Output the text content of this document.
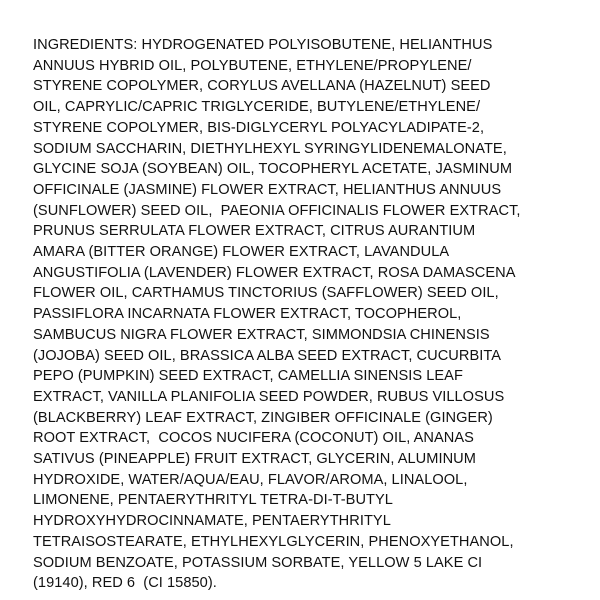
INGREDIENTS: HYDROGENATED POLYISOBUTENE, HELIANTHUS
ANNUUS HYBRID OIL, POLYBUTENE, ETHYLENE/PROPYLENE/
STYRENE COPOLYMER, CORYLUS AVELLANA (HAZELNUT) SEED
OIL, CAPRYLIC/CAPRIC TRIGLYCERIDE, BUTYLENE/ETHYLENE/
STYRENE COPOLYMER, BIS-DIGLYCERYL POLYACYLADIPATE-2,
SODIUM SACCHARIN, DIETHYLHEXYL SYRINGYLIDENEMALONATE,
GLYCINE SOJA (SOYBEAN) OIL, TOCOPHERYL ACETATE, JASMINUM
OFFICINALE (JASMINE) FLOWER EXTRACT, HELIANTHUS ANNUUS
(SUNFLOWER) SEED OIL,  PAEONIA OFFICINALIS FLOWER EXTRACT,
PRUNUS SERRULATA FLOWER EXTRACT, CITRUS AURANTIUM
AMARA (BITTER ORANGE) FLOWER EXTRACT, LAVANDULA
ANGUSTIFOLIA (LAVENDER) FLOWER EXTRACT, ROSA DAMASCENA
FLOWER OIL, CARTHAMUS TINCTORIUS (SAFFLOWER) SEED OIL,
PASSIFLORA INCARNATA FLOWER EXTRACT, TOCOPHEROL,
SAMBUCUS NIGRA FLOWER EXTRACT, SIMMONDSIA CHINENSIS
(JOJOBA) SEED OIL, BRASSICA ALBA SEED EXTRACT, CUCURBITA
PEPO (PUMPKIN) SEED EXTRACT, CAMELLIA SINENSIS LEAF
EXTRACT, VANILLA PLANIFOLIA SEED POWDER, RUBUS VILLOSUS
(BLACKBERRY) LEAF EXTRACT, ZINGIBER OFFICINALE (GINGER)
ROOT EXTRACT,  COCOS NUCIFERA (COCONUT) OIL, ANANAS
SATIVUS (PINEAPPLE) FRUIT EXTRACT, GLYCERIN, ALUMINUM
HYDROXIDE, WATER/AQUA/EAU, FLAVOR/AROMA, LINALOOL,
LIMONENE, PENTAERYTHRITYL TETRA-DI-T-BUTYL
HYDROXYHYDROCINNAMATE, PENTAERYTHRITYL
TETRAISOSTEARATE, ETHYLHEXYLGLYCERIN, PHENOXYETHANOL,
SODIUM BENZOATE, POTASSIUM SORBATE, YELLOW 5 LAKE CI
(19140), RED 6  (CI 15850).
